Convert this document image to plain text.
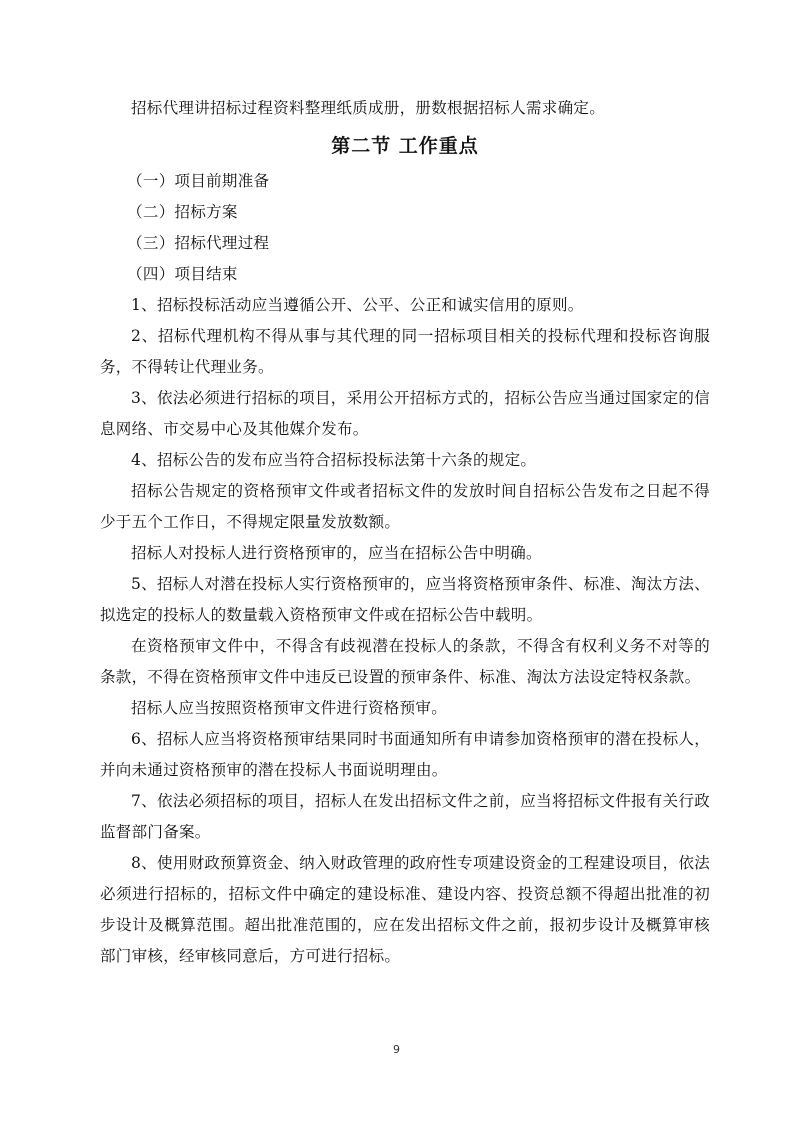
招标代理讲招标过程资料整理纸质成册，册数根据招标人需求确定。

第二节 工作重点

（一）项目前期准备

（二）招标方案

（三）招标代理过程

（四）项目结束

1、招标投标活动应当遵循公开、公平、公正和诚实信用的原则。

2、招标代理机构不得从事与其代理的同一招标项目相关的投标代理和投标咨询服务，不得转让代理业务。

3、依法必须进行招标的项目，采用公开招标方式的，招标公告应当通过国家定的信息网络、市交易中心及其他媒介发布。

4、招标公告的发布应当符合招标投标法第十六条的规定。

招标公告规定的资格预审文件或者招标文件的发放时间自招标公告发布之日起不得少于五个工作日，不得规定限量发放数额。

招标人对投标人进行资格预审的，应当在招标公告中明确。

5、招标人对潜在投标人实行资格预审的，应当将资格预审条件、标准、淘汰方法、拟选定的投标人的数量载入资格预审文件或在招标公告中载明。

在资格预审文件中，不得含有歧视潜在投标人的条款，不得含有权利义务不对等的条款，不得在资格预审文件中违反已设置的预审条件、标准、淘汰方法设定特权条款。

招标人应当按照资格预审文件进行资格预审。

6、招标人应当将资格预审结果同时书面通知所有申请参加资格预审的潜在投标人，并向未通过资格预审的潜在投标人书面说明理由。

7、依法必须招标的项目，招标人在发出招标文件之前，应当将招标文件报有关行政监督部门备案。

8、使用财政预算资金、纳入财政管理的政府性专项建设资金的工程建设项目，依法必须进行招标的，招标文件中确定的建设标准、建设内容、投资总额不得超出批准的初步设计及概算范围。超出批准范围的，应在发出招标文件之前，报初步设计及概算审核部门审核，经审核同意后，方可进行招标。

9
